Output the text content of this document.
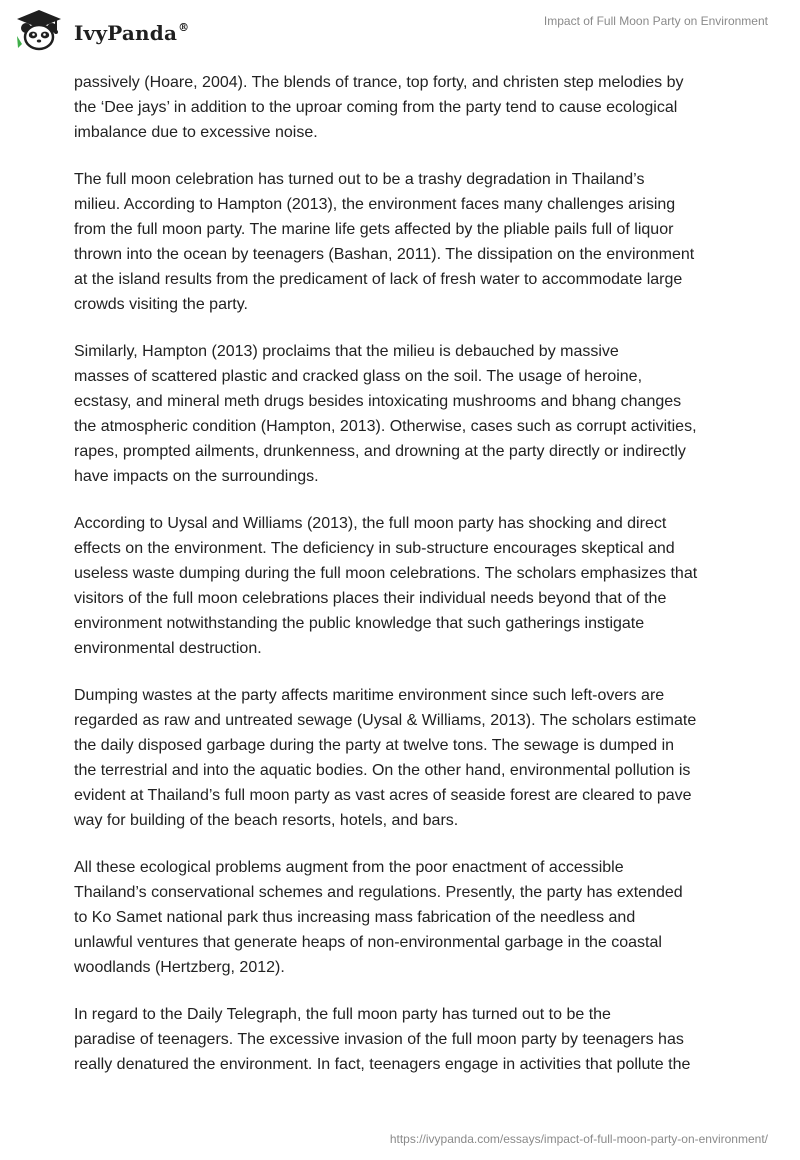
IvyPanda®	Impact of Full Moon Party on Environment

passively (Hoare, 2004). The blends of trance, top forty, and christen step melodies by
the ‘Dee jays’ in addition to the uproar coming from the party tend to cause ecological
imbalance due to excessive noise.

The full moon celebration has turned out to be a trashy degradation in Thailand’s
milieu. According to Hampton (2013), the environment faces many challenges arising
from the full moon party. The marine life gets affected by the pliable pails full of liquor
thrown into the ocean by teenagers (Bashan, 2011). The dissipation on the environment
at the island results from the predicament of lack of fresh water to accommodate large
crowds visiting the party.

Similarly, Hampton (2013) proclaims that the milieu is debauched by massive
masses of scattered plastic and cracked glass on the soil. The usage of heroine,
ecstasy, and mineral meth drugs besides intoxicating mushrooms and bhang changes
the atmospheric condition (Hampton, 2013). Otherwise, cases such as corrupt activities,
rapes, prompted ailments, drunkenness, and drowning at the party directly or indirectly
have impacts on the surroundings.

According to Uysal and Williams (2013), the full moon party has shocking and direct
effects on the environment. The deficiency in sub-structure encourages skeptical and
useless waste dumping during the full moon celebrations. The scholars emphasizes that
visitors of the full moon celebrations places their individual needs beyond that of the
environment notwithstanding the public knowledge that such gatherings instigate
environmental destruction.

Dumping wastes at the party affects maritime environment since such left-overs are
regarded as raw and untreated sewage (Uysal & Williams, 2013). The scholars estimate
the daily disposed garbage during the party at twelve tons. The sewage is dumped in
the terrestrial and into the aquatic bodies. On the other hand, environmental pollution is
evident at Thailand’s full moon party as vast acres of seaside forest are cleared to pave
way for building of the beach resorts, hotels, and bars.

All these ecological problems augment from the poor enactment of accessible
Thailand’s conservational schemes and regulations. Presently, the party has extended
to Ko Samet national park thus increasing mass fabrication of the needless and
unlawful ventures that generate heaps of non-environmental garbage in the coastal
woodlands (Hertzberg, 2012).

In regard to the Daily Telegraph, the full moon party has turned out to be the
paradise of teenagers. The excessive invasion of the full moon party by teenagers has
really denatured the environment. In fact, teenagers engage in activities that pollute the

https://ivypanda.com/essays/impact-of-full-moon-party-on-environment/
